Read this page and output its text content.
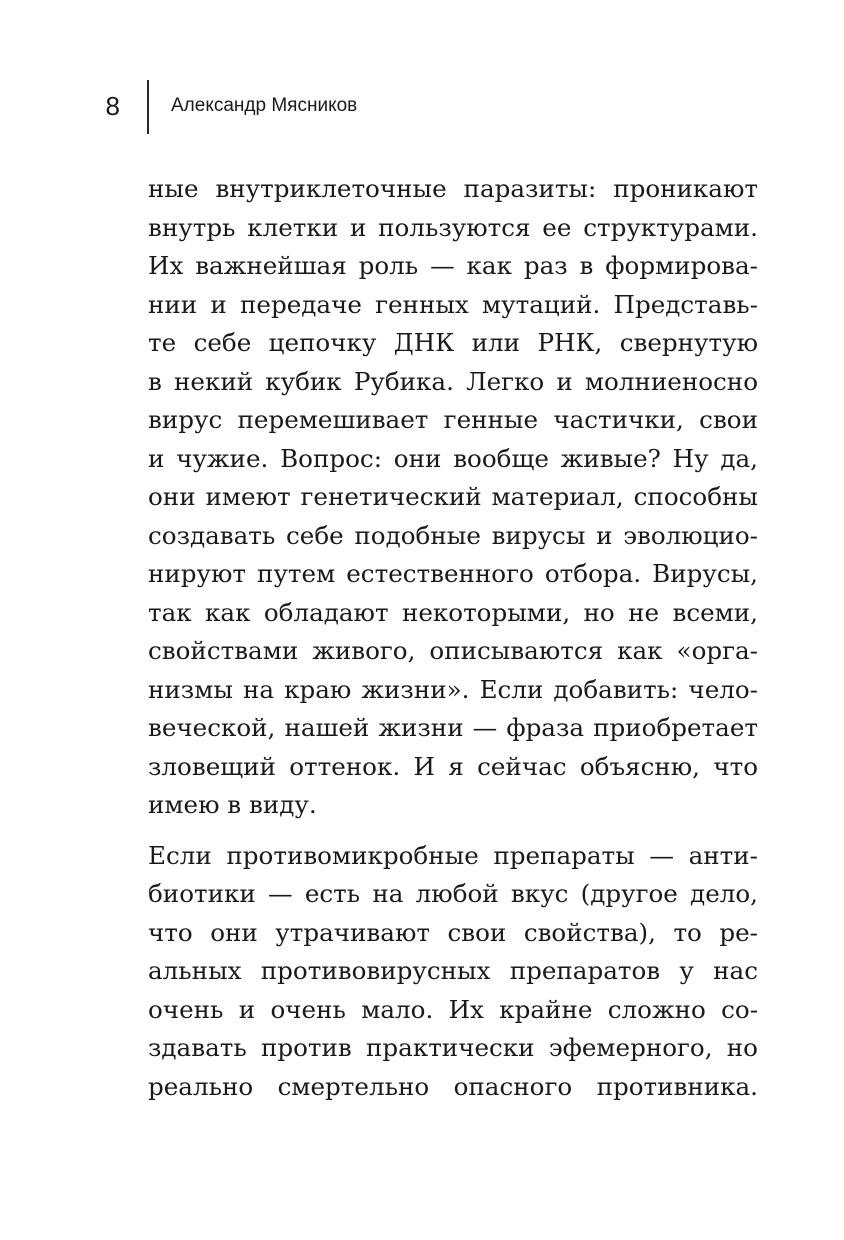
8	Александр Мясников

ные внутриклеточные паразиты: проникают
внутрь клетки и пользуются ее структурами.
Их важнейшая роль — как раз в формирова-
нии и передаче генных мутаций. Представь-
те себе цепочку ДНК или РНК, свернутую
в некий кубик Рубика. Легко и молниеносно
вирус перемешивает генные частички, свои
и чужие. Вопрос: они вообще живые? Ну да,
они имеют генетический материал, способны
создавать себе подобные вирусы и эволюцио-
нируют путем естественного отбора. Вирусы,
так как обладают некоторыми, но не всеми,
свойствами живого, описываются как «орга-
низмы на краю жизни». Если добавить: чело-
веческой, нашей жизни — фраза приобретает
зловещий оттенок. И я сейчас объясню, что
имею в виду.

Если противомикробные препараты — анти-
биотики — есть на любой вкус (другое дело,
что они утрачивают свои свойства), то ре-
альных противовирусных препаратов у нас
очень и очень мало. Их крайне сложно со-
здавать против практически эфемерного, но
реально смертельно опасного противника.
